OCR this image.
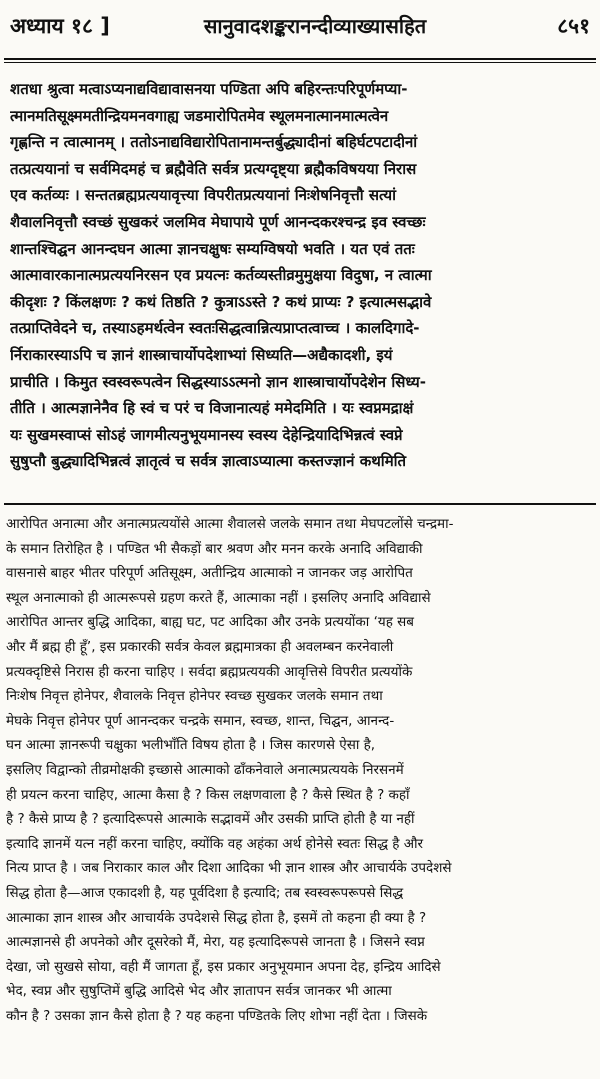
अध्याय १८ ]	सानुवादशङ्करानन्दीव्याख्यासहित	८५१
शतधा श्रुत्वा मत्वाऽप्यनाद्यविद्यावासनया पण्डिता अपि बहिरन्तःपरिपूर्णमप्या-
त्मानमतिसूक्ष्ममतीन्द्रियमनवगाह्य जडमारोपितमेव स्थूलमनात्मानमात्मत्वेन
गृह्णन्ति न त्वात्मानम् । ततोऽनाद्यविद्यारोपितानामन्तर्बुद्ध्यादीनां बहिर्घटपटादीनां
तत्प्रत्ययानां च सर्वमिदमहं च ब्रह्मैवेति सर्वत्र प्रत्यग्दृष्ट्या ब्रह्मैकविषयया निरास
एव कर्तव्यः । सन्ततब्रह्मप्रत्ययावृत्त्या विपरीतप्रत्ययानां निःशेषनिवृत्तौ सत्यां
शैवालनिवृत्तौ स्वच्छं सुखकरं जलमिव मेघापाये पूर्ण आनन्दकरश्चन्द्र इव स्वच्छः
शान्तश्चिद्घन आनन्दघन आत्मा ज्ञानचक्षुषः सम्यग्विषयो भवति । यत एवं ततः
आत्मावारकानात्मप्रत्ययनिरसन एव प्रयत्नः कर्तव्यस्तीव्रमुमुक्षया विदुषा, न त्वात्मा
कीदृशः ? किंलक्षणः ? कथं तिष्ठति ? कुत्राऽऽस्ते ? कथं प्राप्यः ? इत्यात्मसद्भावे
तत्प्राप्तिवेदने च, तस्याऽहमर्थत्वेन स्वतःसिद्धत्वान्नित्यप्राप्तत्वाच्च । कालदिगादे-
र्निराकारस्याऽपि च ज्ञानं शास्त्राचार्योपदेशाभ्यां सिध्यति—अद्यैकादशी, इयं
प्राचीति । किमुत स्वस्वरूपत्वेन सिद्धस्याऽऽत्मनो ज्ञान शास्त्राचार्योपदेशेन सिध्य-
तीति । आत्मज्ञानेनैव हि स्वं च परं च विजानात्यहं ममेदमिति । यः स्वप्नमद्राक्षं
यः सुखमस्वाप्सं सोऽहं जागमीत्यनुभूयमानस्य स्वस्य देहेन्द्रियादिभिन्नत्वं स्वप्ने
सुषुप्तौ बुद्ध्यादिभिन्नत्वं ज्ञातृत्वं च सर्वत्र ज्ञात्वाऽप्यात्मा कस्तज्ज्ञानं कथमिति
आरोपित अनात्मा और अनात्मप्रत्ययोंसे आत्मा शैवालसे जलके समान तथा मेघपटलोंसे चन्द्रमा-
के समान तिरोहित है । पण्डित भी सैकड़ों बार श्रवण और मनन करके अनादि अविद्याकी
वासनासे बाहर भीतर परिपूर्ण अतिसूक्ष्म, अतीन्द्रिय आत्माको न जानकर जड़ आरोपित
स्थूल अनात्माको ही आत्मरूपसे ग्रहण करते हैं, आत्माका नहीं । इसलिए अनादि अविद्यासे
आरोपित आन्तर बुद्धि आदिका, बाह्य घट, पट आदिका और उनके प्रत्ययोंका ‘यह सब
और मैं ब्रह्म ही हूँ’, इस प्रकारकी सर्वत्र केवल ब्रह्ममात्रका ही अवलम्बन करनेवाली
प्रत्यक्दृष्टिसे निरास ही करना चाहिए । सर्वदा ब्रह्मप्रत्ययकी आवृत्तिसे विपरीत प्रत्ययोंके
निःशेष निवृत्त होनेपर, शैवालके निवृत्त होनेपर स्वच्छ सुखकर जलके समान तथा
मेघके निवृत्त होनेपर पूर्ण आनन्दकर चन्द्रके समान, स्वच्छ, शान्त, चिद्घन, आनन्द-
घन आत्मा ज्ञानरूपी चक्षुका भलीभाँति विषय होता है । जिस कारणसे ऐसा है,
इसलिए विद्वान्को तीव्रमोक्षकी इच्छासे आत्माको ढाँकनेवाले अनात्मप्रत्ययके निरसनमें
ही प्रयत्न करना चाहिए, आत्मा कैसा है ? किस लक्षणवाला है ? कैसे स्थित है ? कहाँ
है ? कैसे प्राप्य है ? इत्यादिरूपसे आत्माके सद्भावमें और उसकी प्राप्ति होती है या नहीं
इत्यादि ज्ञानमें यत्न नहीं करना चाहिए, क्योंकि वह अहंका अर्थ होनेसे स्वतः सिद्ध है और
नित्य प्राप्त है । जब निराकार काल और दिशा आदिका भी ज्ञान शास्त्र और आचार्यके उपदेशसे
सिद्ध होता है—आज एकादशी है, यह पूर्वदिशा है इत्यादि; तब स्वस्वरूपरूपसे सिद्ध
आत्माका ज्ञान शास्त्र और आचार्यके उपदेशसे सिद्ध होता है, इसमें तो कहना ही क्या है ?
आत्मज्ञानसे ही अपनेको और दूसरेको मैं, मेरा, यह इत्यादिरूपसे जानता है । जिसने स्वप्न
देखा, जो सुखसे सोया, वही मैं जागता हूँ, इस प्रकार अनुभूयमान अपना देह, इन्द्रिय आदिसे
भेद, स्वप्न और सुषुप्तिमें बुद्धि आदिसे भेद और ज्ञातापन सर्वत्र जानकर भी आत्मा
कौन है ? उसका ज्ञान कैसे होता है ? यह कहना पण्डितके लिए शोभा नहीं देता । जिसके
